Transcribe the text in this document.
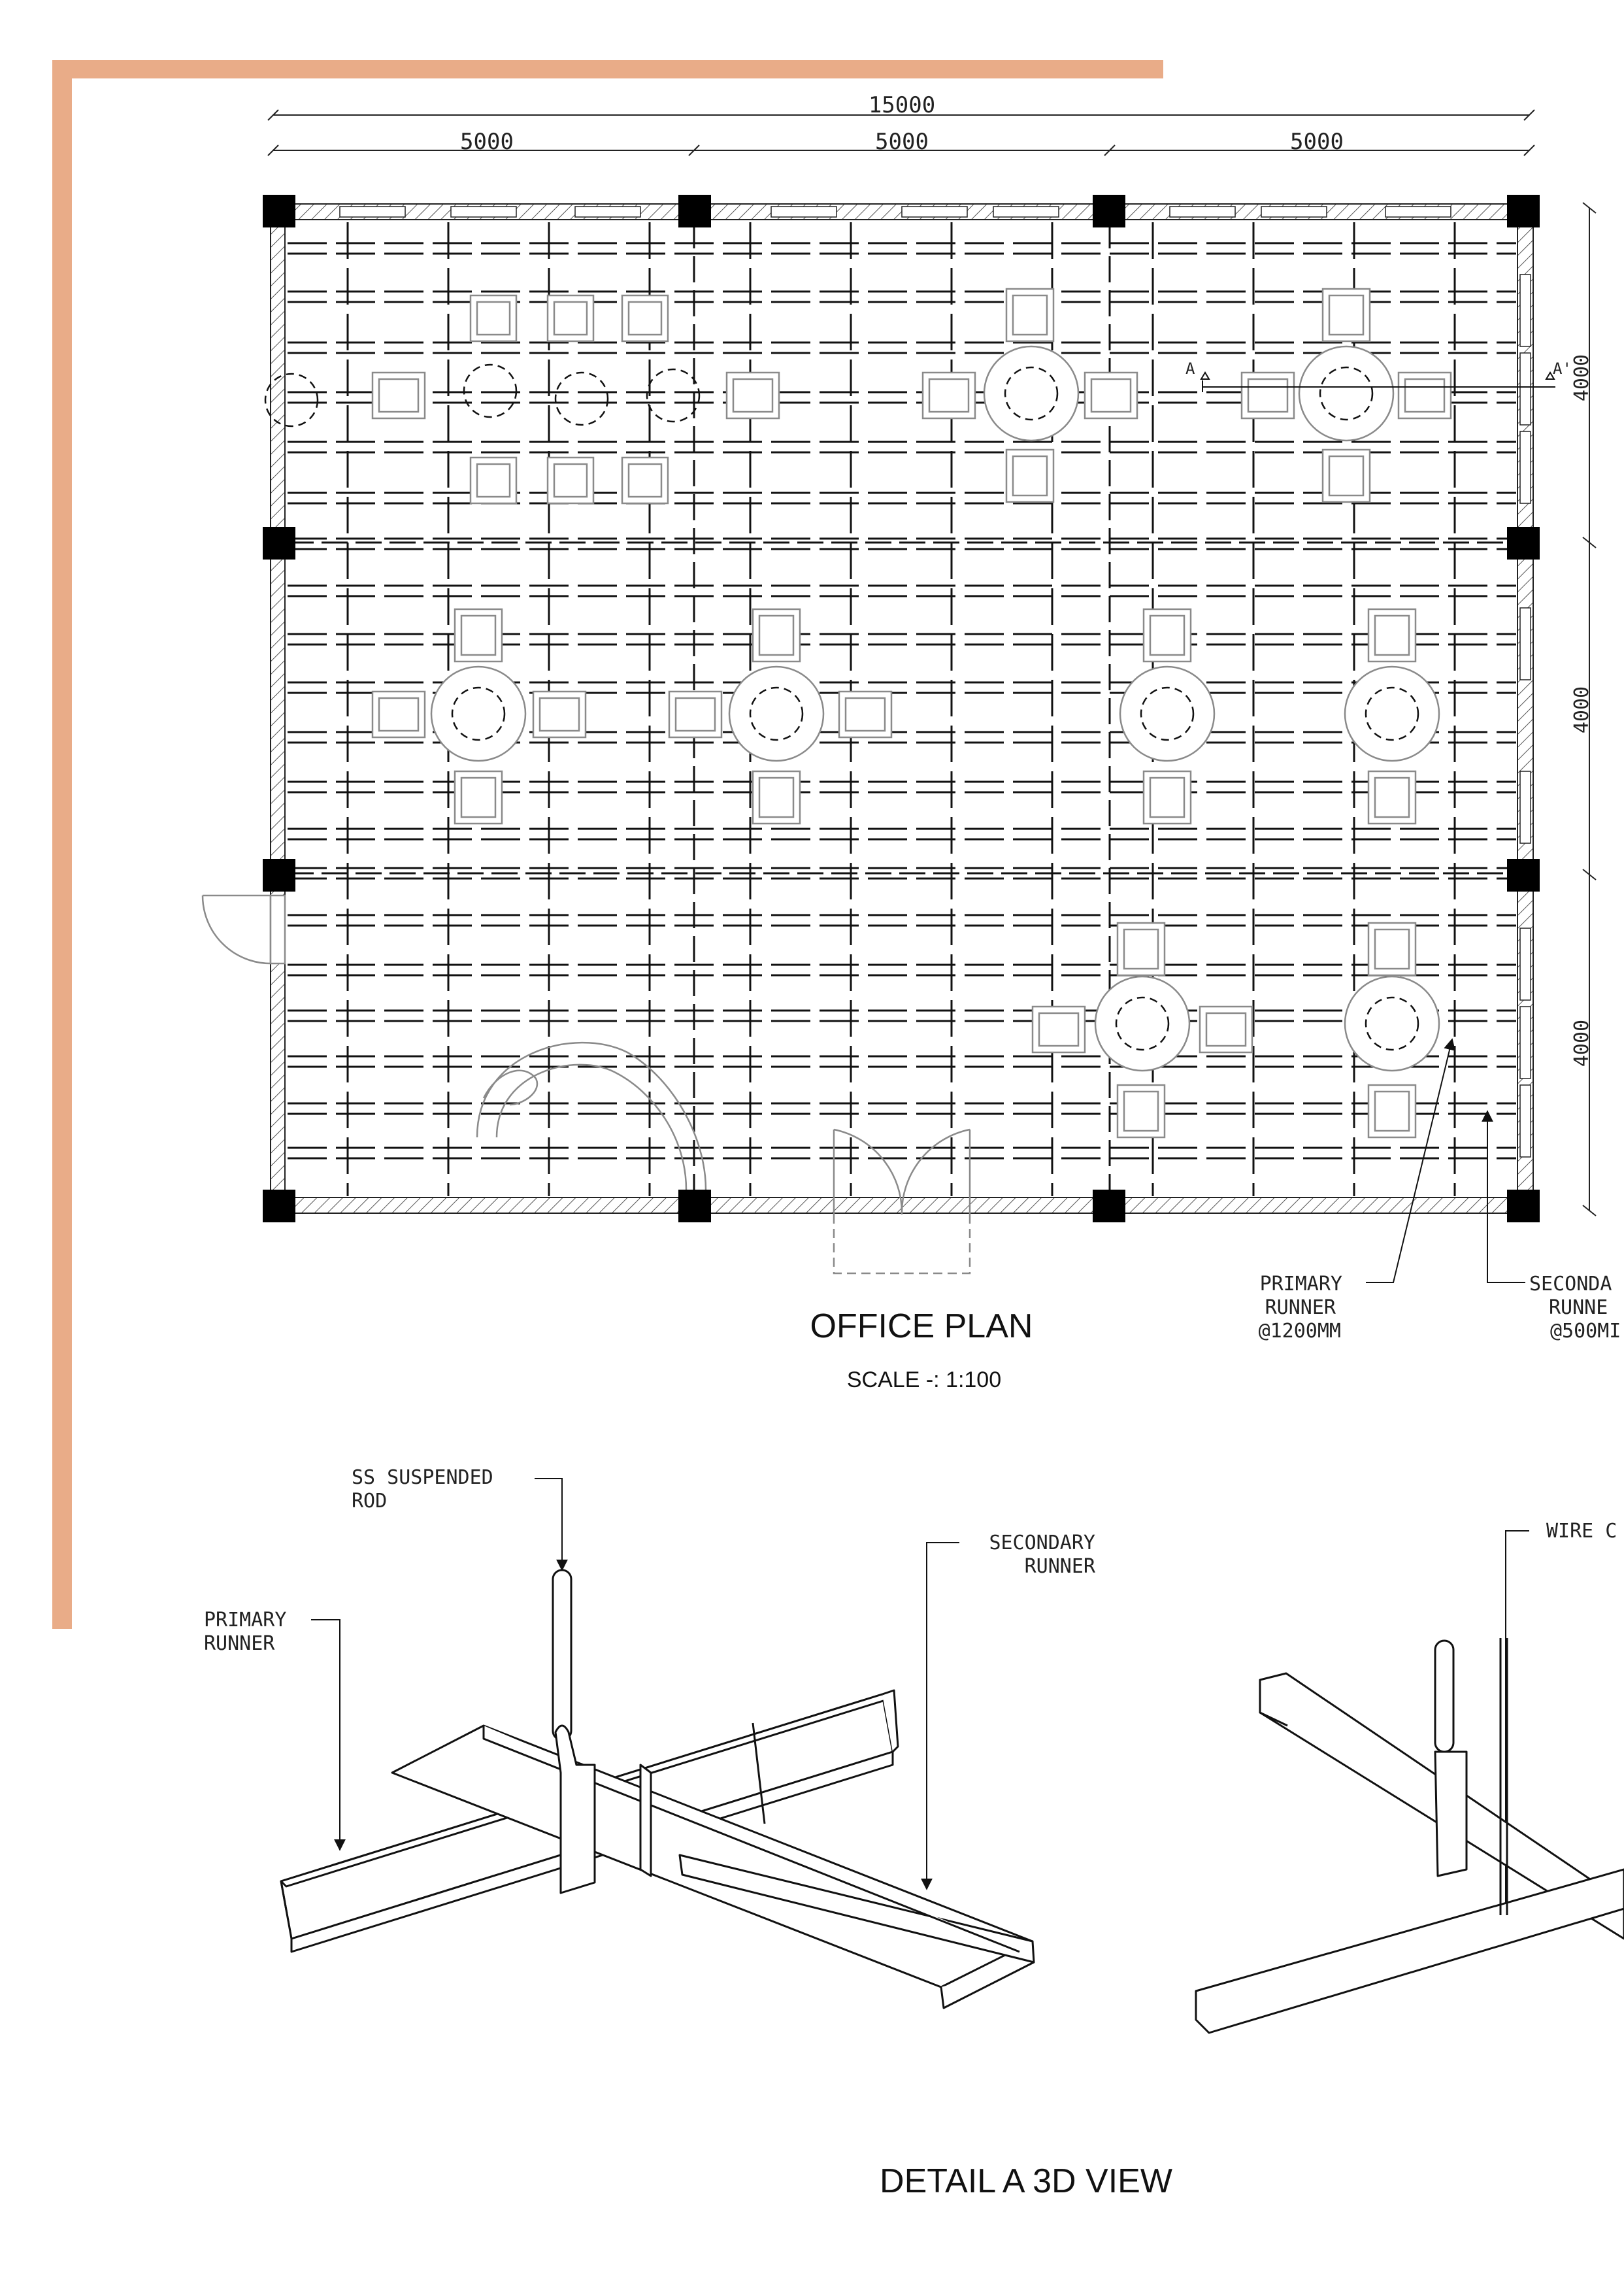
15000
5000	5000	5000
4000
4000
4000
A	A'
PRIMARY
RUNNER
@1200MM
SECONDA
RUNNE
@500MI
OFFICE PLAN
SCALE -: 1:100
SS SUSPENDED
ROD
SECONDARY
RUNNER
PRIMARY
RUNNER
WIRE C
DETAIL A 3D VIEW
